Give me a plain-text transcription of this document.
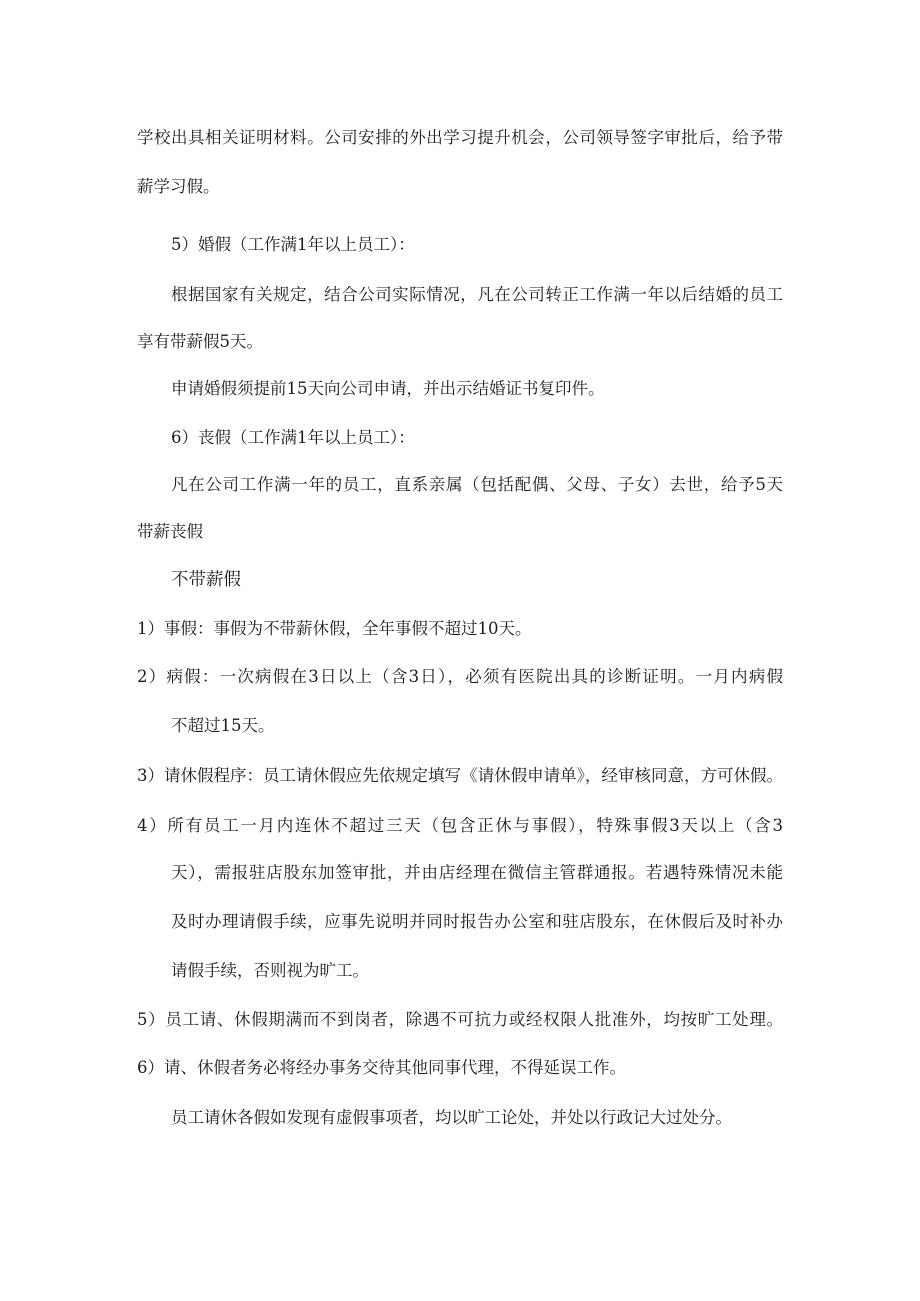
学校出具相关证明材料。公司安排的外出学习提升机会，公司领导签字审批后，给予带

薪学习假。

5）婚假（工作满1年以上员工）：

根据国家有关规定，结合公司实际情况，凡在公司转正工作满一年以后结婚的员工

享有带薪假5天。

申请婚假须提前15天向公司申请，并出示结婚证书复印件。

6）丧假（工作满1年以上员工）：

凡在公司工作满一年的员工，直系亲属（包括配偶、父母、子女）去世，给予5天

带薪丧假

不带薪假

1）事假：事假为不带薪休假，全年事假不超过10天。

2）病假：一次病假在3日以上（含3日），必须有医院出具的诊断证明。一月内病假

不超过15天。

3）请休假程序：员工请休假应先依规定填写《请休假申请单》，经审核同意，方可休假。

4）所有员工一月内连休不超过三天（包含正休与事假），特殊事假3天以上（含3

天），需报驻店股东加签审批，并由店经理在微信主管群通报。若遇特殊情况未能

及时办理请假手续，应事先说明并同时报告办公室和驻店股东，在休假后及时补办

请假手续，否则视为旷工。

5）员工请、休假期满而不到岗者，除遇不可抗力或经权限人批准外，均按旷工处理。

6）请、休假者务必将经办事务交待其他同事代理，不得延误工作。

员工请休各假如发现有虚假事项者，均以旷工论处，并处以行政记大过处分。
